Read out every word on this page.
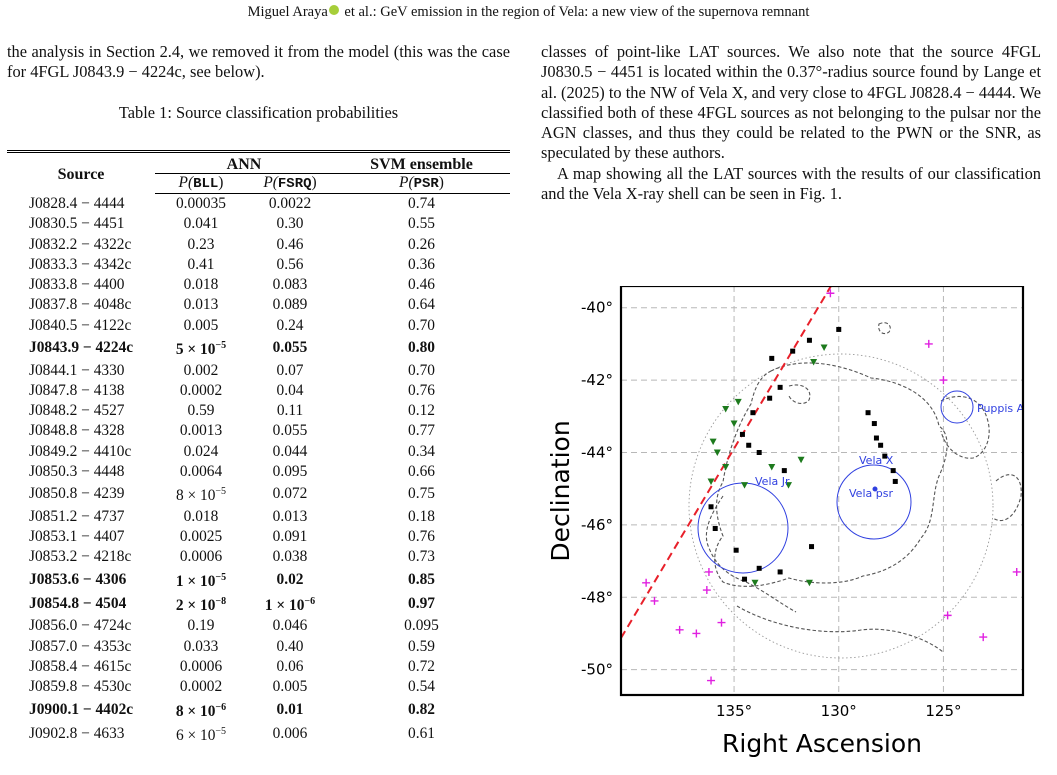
Miguel Araya et al.: GeV emission in the region of Vela: a new view of the supernova remnant

the analysis in Section 2.4, we removed it from the model (this was the case for 4FGL J0843.9 − 4224c, see below).

Table 1: Source classification probabilities
Source	ANN		SVM ensemble
	P(BLL)	P(FSRQ)	P(PSR)
J0828.4 − 4444	0.00035	0.0022	0.74
J0830.5 − 4451	0.041	0.30	0.55
J0832.2 − 4322c	0.23	0.46	0.26
J0833.3 − 4342c	0.41	0.56	0.36
J0833.8 − 4400	0.018	0.083	0.46
J0837.8 − 4048c	0.013	0.089	0.64
J0840.5 − 4122c	0.005	0.24	0.70
J0843.9 − 4224c	$5 \times 10^{-5}$	0.055	0.80
J0844.1 − 4330	0.002	0.07	0.70
J0847.8 − 4138	0.0002	0.04	0.76
J0848.2 − 4527	0.59	0.11	0.12
J0848.8 − 4328	0.0013	0.055	0.77
J0849.2 − 4410c	0.024	0.044	0.34
J0850.3 − 4448	0.0064	0.095	0.66
J0850.8 − 4239	$8 \times 10^{-5}$	0.072	0.75
J0851.2 − 4737	0.018	0.013	0.18
J0853.1 − 4407	0.0025	0.091	0.76
J0853.2 − 4218c	0.0006	0.038	0.73
J0853.6 − 4306	$1 \times 10^{-5}$	0.02	0.85
J0854.8 − 4504	$2 \times 10^{-8}$	$1 \times 10^{-6}$	0.97
J0856.0 − 4724c	0.19	0.046	0.095
J0857.0 − 4353c	0.033	0.40	0.59
J0858.4 − 4615c	0.0006	0.06	0.72
J0859.8 − 4530c	0.0002	0.005	0.54
J0900.1 − 4402c	$8 \times 10^{-6}$	0.01	0.82
J0902.8 − 4633	$6 \times 10^{-5}$	0.006	0.61

classes of point-like LAT sources. We also note that the source 4FGL J0830.5 − 4451 is located within the 0.37°-radius source found by Lange et al. (2025) to the NW of Vela X, and very close to 4FGL J0828.4 − 4444. We classified both of these 4FGL sources as not belonging to the pulsar nor the AGN classes, and thus they could be related to the PWN or the SNR, as speculated by these authors.

A map showing all the LAT sources with the results of our classification and the Vela X-ray shell can be seen in Fig. 1.

Puppis A
Vela X
Vela psr
Vela Jr
-40°
-42°
-44°
-46°
-48°
-50°
135°	130°	125°
Declination
Right Ascension
